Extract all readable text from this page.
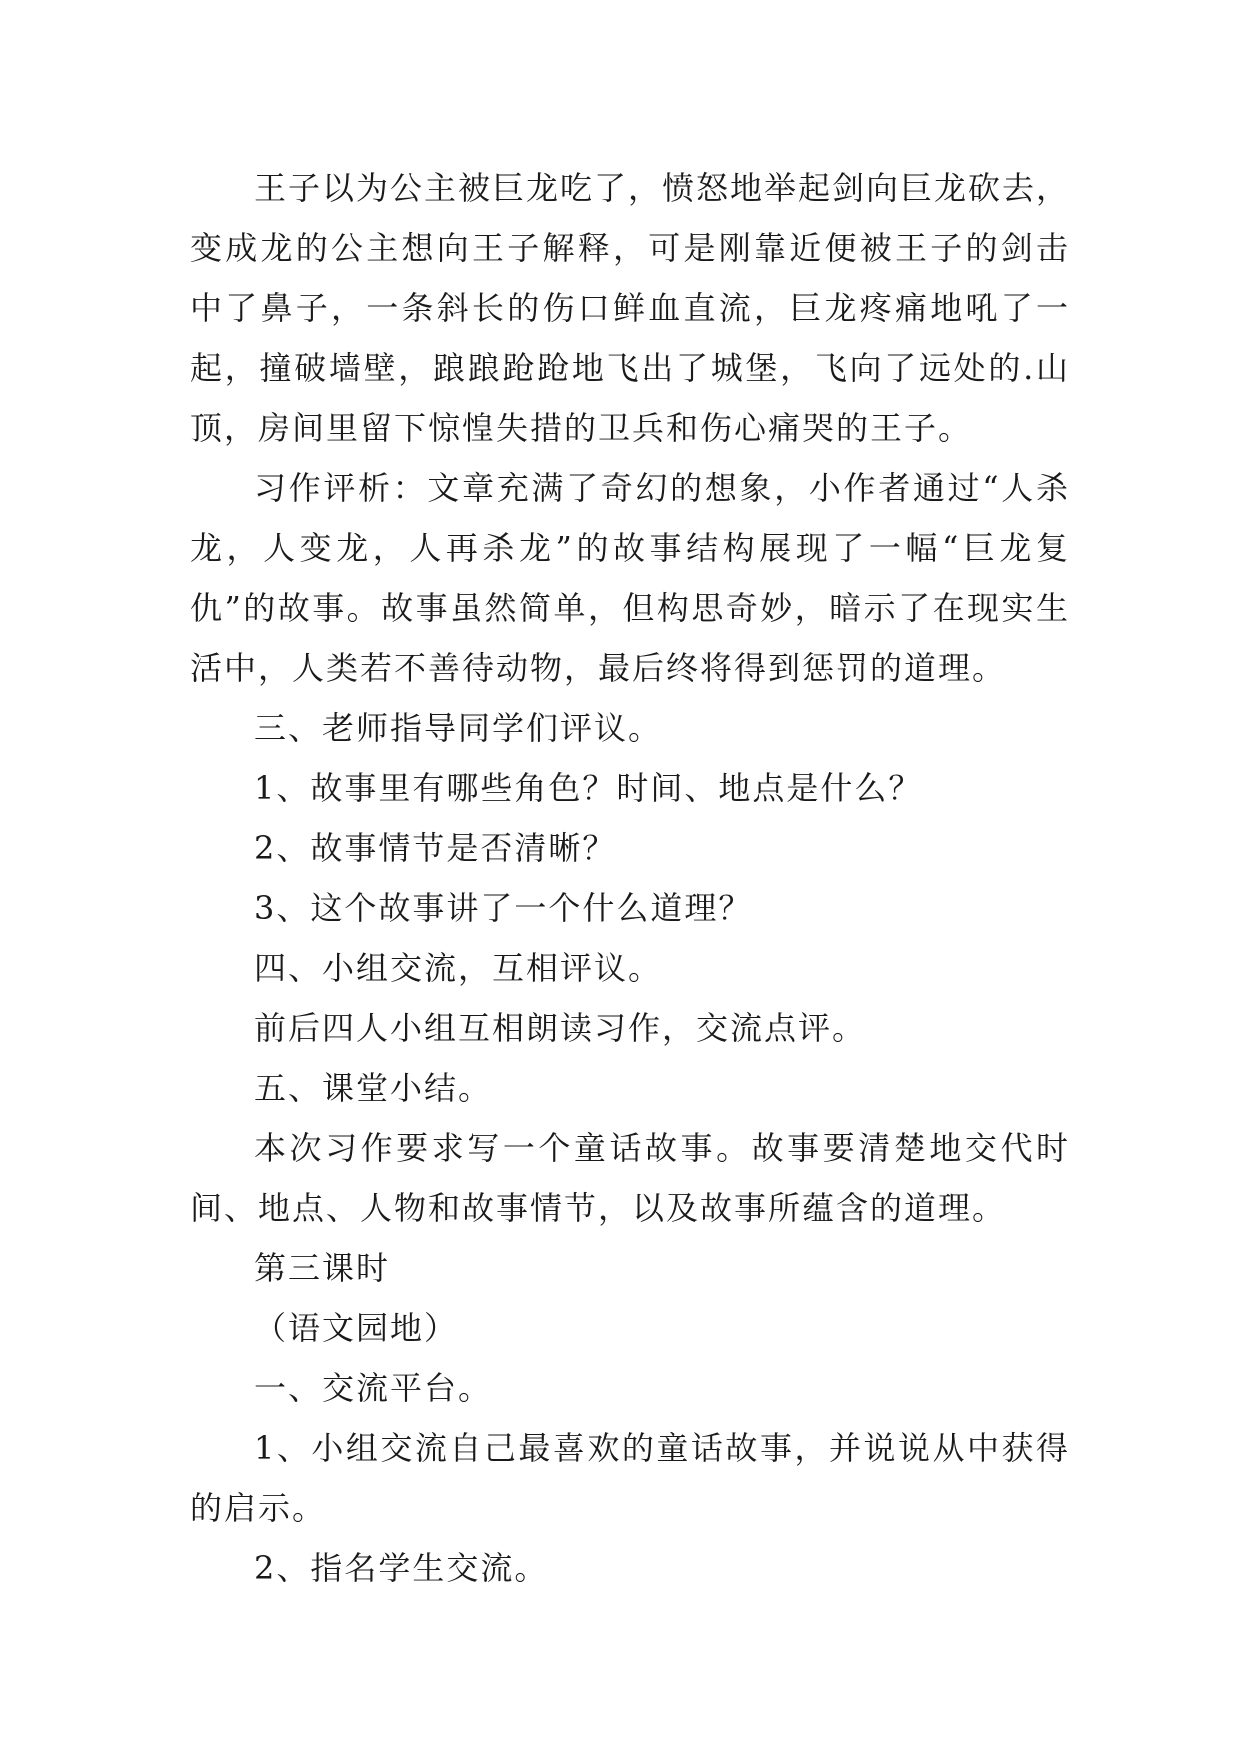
王子以为公主被巨龙吃了，愤怒地举起剑向巨龙砍去，变成龙的公主想向王子解释，可是刚靠近便被王子的剑击中了鼻子，一条斜长的伤口鲜血直流，巨龙疼痛地吼了一起，撞破墙壁，踉踉跄跄地飞出了城堡，飞向了远处的.山顶，房间里留下惊惶失措的卫兵和伤心痛哭的王子。

习作评析：文章充满了奇幻的想象，小作者通过“人杀龙，人变龙，人再杀龙”的故事结构展现了一幅“巨龙复仇”的故事。故事虽然简单，但构思奇妙，暗示了在现实生活中，人类若不善待动物，最后终将得到惩罚的道理。

三、老师指导同学们评议。

1、故事里有哪些角色？时间、地点是什么？

2、故事情节是否清晰？

3、这个故事讲了一个什么道理？

四、小组交流，互相评议。

前后四人小组互相朗读习作，交流点评。

五、课堂小结。

本次习作要求写一个童话故事。故事要清楚地交代时间、地点、人物和故事情节，以及故事所蕴含的道理。

第三课时

（语文园地）

一、交流平台。

1、小组交流自己最喜欢的童话故事，并说说从中获得的启示。

2、指名学生交流。
